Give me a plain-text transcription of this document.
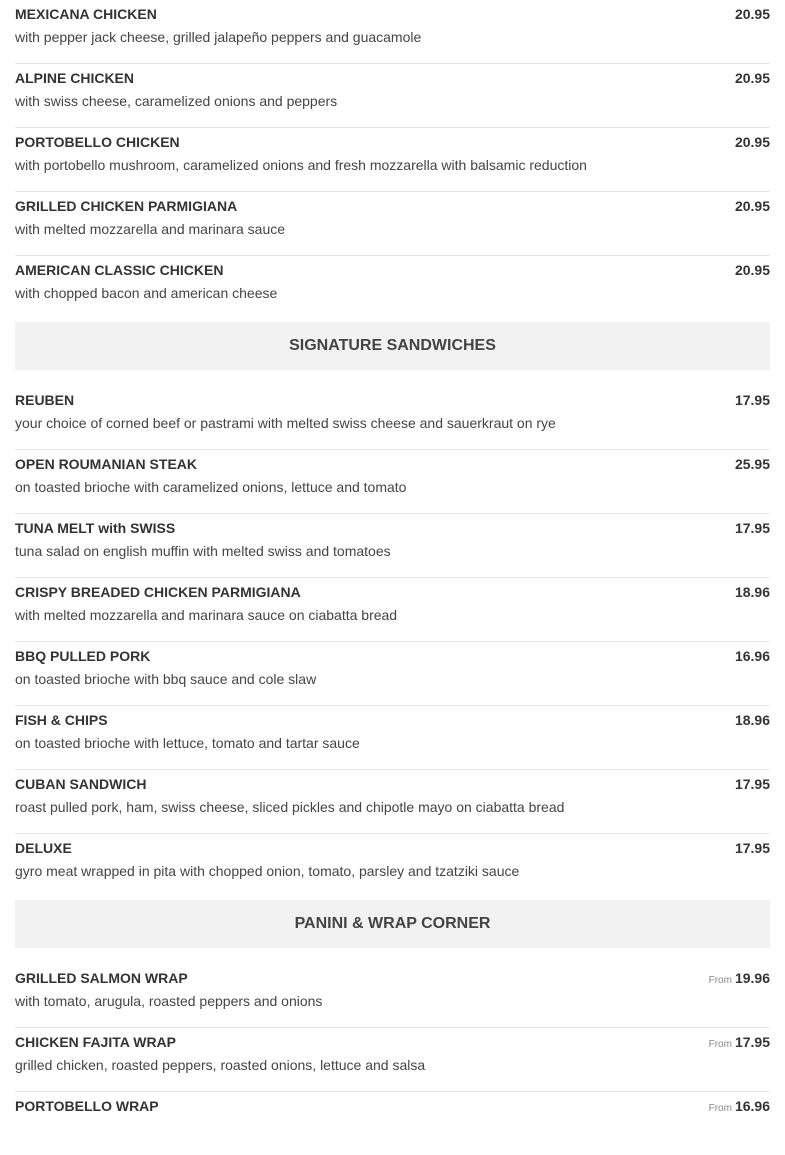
MEXICANA CHICKEN
with pepper jack cheese, grilled jalapeño peppers and guacamole
20.95
ALPINE CHICKEN
with swiss cheese, caramelized onions and peppers
20.95
PORTOBELLO CHICKEN
with portobello mushroom, caramelized onions and fresh mozzarella with balsamic reduction
20.95
GRILLED CHICKEN PARMIGIANA
with melted mozzarella and marinara sauce
20.95
AMERICAN CLASSIC CHICKEN
with chopped bacon and american cheese
20.95
SIGNATURE SANDWICHES
REUBEN
your choice of corned beef or pastrami with melted swiss cheese and sauerkraut on rye
17.95
OPEN ROUMANIAN STEAK
on toasted brioche with caramelized onions, lettuce and tomato
25.95
TUNA MELT with SWISS
tuna salad on english muffin with melted swiss and tomatoes
17.95
CRISPY BREADED CHICKEN PARMIGIANA
with melted mozzarella and marinara sauce on ciabatta bread
18.96
BBQ PULLED PORK
on toasted brioche with bbq sauce and cole slaw
16.96
FISH & CHIPS
on toasted brioche with lettuce, tomato and tartar sauce
18.96
CUBAN SANDWICH
roast pulled pork, ham, swiss cheese, sliced pickles and chipotle mayo on ciabatta bread
17.95
DELUXE
gyro meat wrapped in pita with chopped onion, tomato, parsley and tzatziki sauce
17.95
PANINI & WRAP CORNER
GRILLED SALMON WRAP
with tomato, arugula, roasted peppers and onions
From 19.96
CHICKEN FAJITA WRAP
grilled chicken, roasted peppers, roasted onions, lettuce and salsa
From 17.95
PORTOBELLO WRAP	From 16.96
